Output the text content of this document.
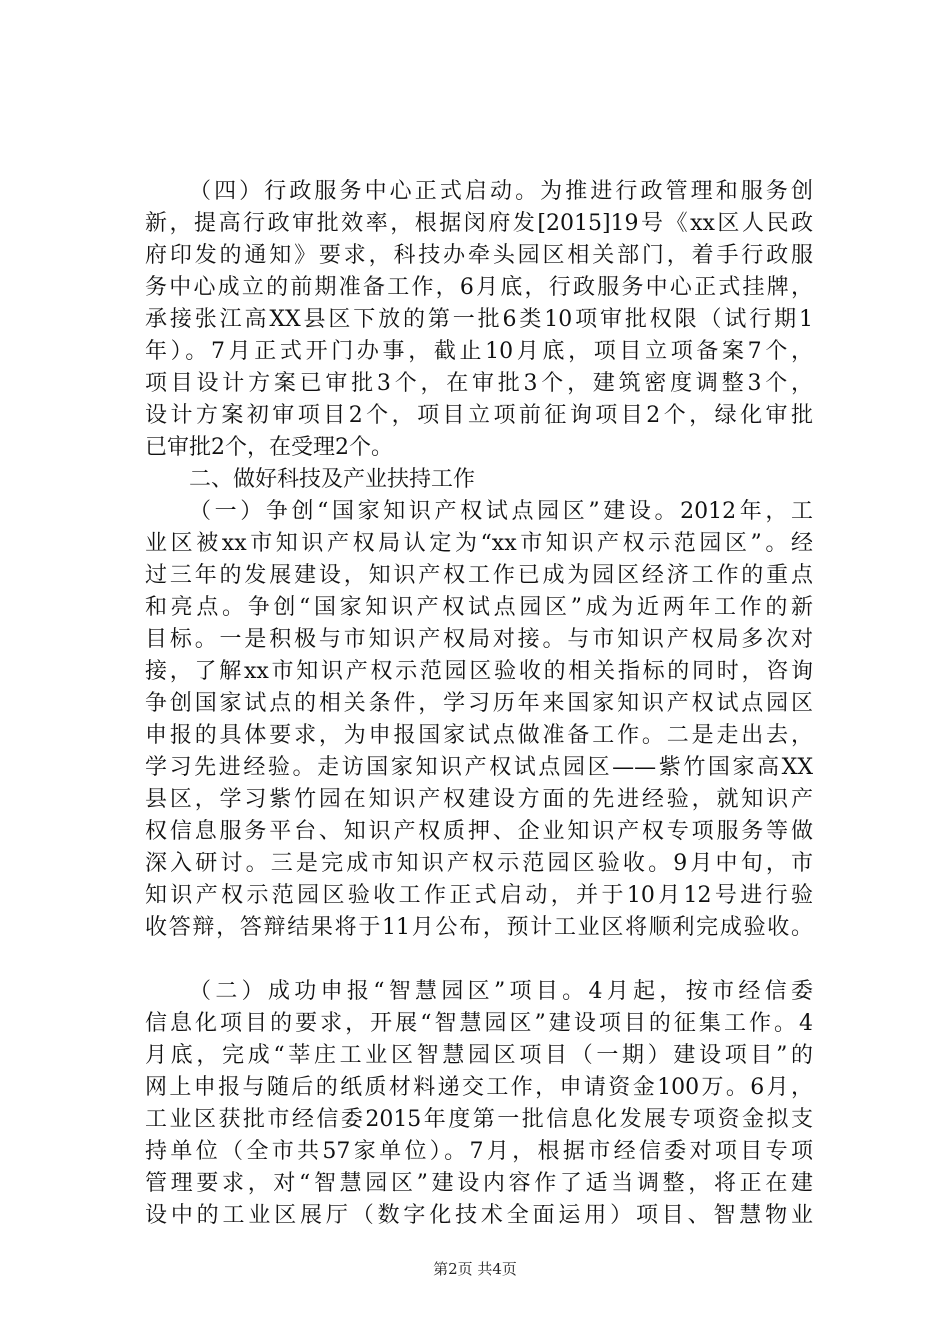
（四）行政服务中心正式启动。为推进行政管理和服务创
新，提高行政审批效率，根据闵府发[2015]19号《xx区人民政
府印发的通知》要求，科技办牵头园区相关部门，着手行政服
务中心成立的前期准备工作，6月底，行政服务中心正式挂牌，
承接张江高XX县区下放的第一批6类10项审批权限（试行期1
年）。7月正式开门办事，截止10月底，项目立项备案7个，
项目设计方案已审批3个，在审批3个，建筑密度调整3个，
设计方案初审项目2个，项目立项前征询项目2个，绿化审批
已审批2个，在受理2个。
二、做好科技及产业扶持工作
（一）争创“国家知识产权试点园区”建设。2012年，工
业区被xx市知识产权局认定为“xx市知识产权示范园区”。经
过三年的发展建设，知识产权工作已成为园区经济工作的重点
和亮点。争创“国家知识产权试点园区”成为近两年工作的新
目标。一是积极与市知识产权局对接。与市知识产权局多次对
接，了解xx市知识产权示范园区验收的相关指标的同时，咨询
争创国家试点的相关条件，学习历年来国家知识产权试点园区
申报的具体要求，为申报国家试点做准备工作。二是走出去，
学习先进经验。走访国家知识产权试点园区——紫竹国家高XX
县区，学习紫竹园在知识产权建设方面的先进经验，就知识产
权信息服务平台、知识产权质押、企业知识产权专项服务等做
深入研讨。三是完成市知识产权示范园区验收。9月中旬，市
知识产权示范园区验收工作正式启动，并于10月12号进行验
收答辩，答辩结果将于11月公布，预计工业区将顺利完成验收。
（二）成功申报“智慧园区”项目。4月起，按市经信委
信息化项目的要求，开展“智慧园区”建设项目的征集工作。4
月底，完成“莘庄工业区智慧园区项目（一期）建设项目”的
网上申报与随后的纸质材料递交工作，申请资金100万。6月，
工业区获批市经信委2015年度第一批信息化发展专项资金拟支
持单位（全市共57家单位）。7月，根据市经信委对项目专项
管理要求，对“智慧园区”建设内容作了适当调整，将正在建
设中的工业区展厅（数字化技术全面运用）项目、智慧物业
第2页 共4页
